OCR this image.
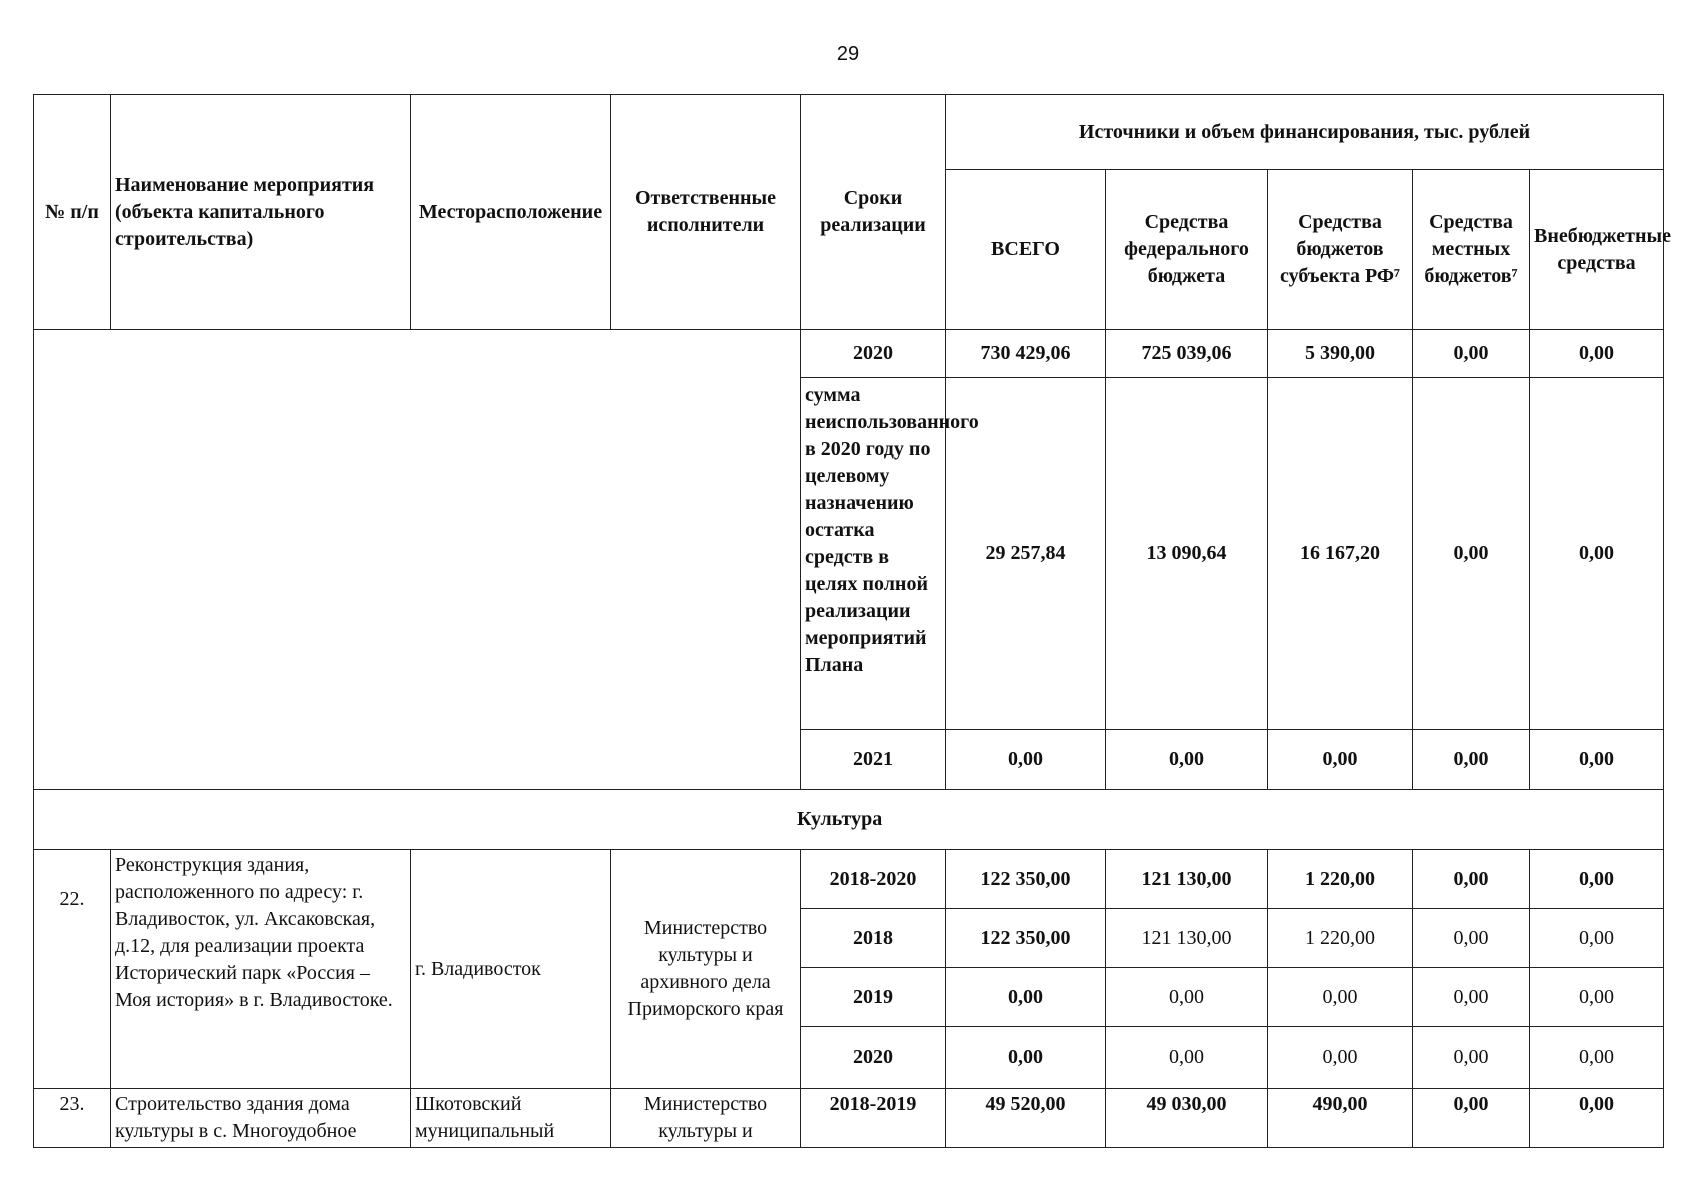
29
№ п/п	Наименование мероприятия (объекта капитального строительства)	Месторасположение	Ответственные исполнители	Сроки реализации	Источники и объем финансирования, тыс. рублей				
					ВСЕГО	Средства федерального бюджета	Средства бюджетов субъекта РФ⁷	Средства местных бюджетов⁷	Внебюджетные средства
				2020	730 429,06	725 039,06	5 390,00	0,00	0,00
				сумма неиспользованного в 2020 году по целевому назначению остатка средств в целях полной реализации мероприятий Плана	29 257,84	13 090,64	16 167,20	0,00	0,00
				2021	0,00	0,00	0,00	0,00	0,00
Культура									
22.	Реконструкция здания, расположенного по адресу: г. Владивосток, ул. Аксаковская, д.12, для реализации проекта Исторический парк «Россия – Моя история» в г. Владивостоке.	г. Владивосток	Министерство культуры и архивного дела Приморского края	2018-2020	122 350,00	121 130,00	1 220,00	0,00	0,00
				2018	122 350,00	121 130,00	1 220,00	0,00	0,00
				2019	0,00	0,00	0,00	0,00	0,00
				2020	0,00	0,00	0,00	0,00	0,00
23.	Строительство здания дома культуры в с. Многоудобное	Шкотовский муниципальный	Министерство культуры и	2018-2019	49 520,00	49 030,00	490,00	0,00	0,00
